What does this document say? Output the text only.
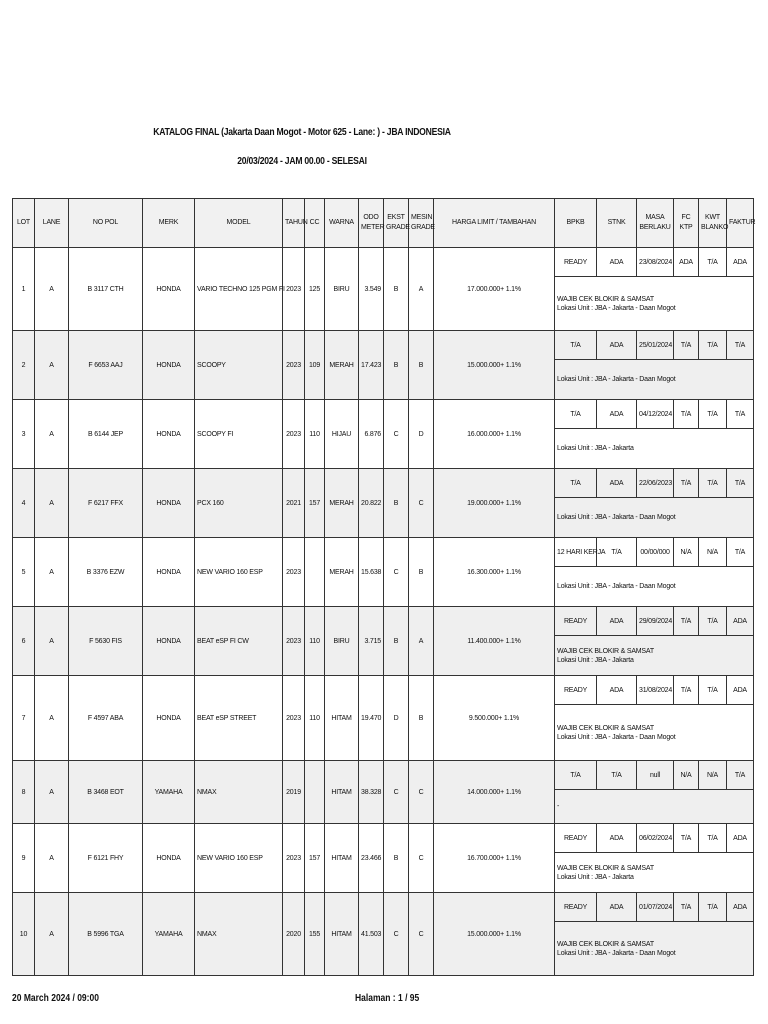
KATALOG FINAL (Jakarta Daan Mogot - Motor 625 - Lane: ) - JBA INDONESIA
20/03/2024 - JAM 00.00 - SELESAI
LOT	LANE	NO POL	MERK	MODEL	TAHUN	CC	WARNA	ODO METER	EKST GRADE	MESIN GRADE	HARGA LIMIT / TAMBAHAN	BPKB	STNK	MASA BERLAKU	FC KTP	KWT BLANKO	FAKTUR
1	A	B 3117 CTH	HONDA	VARIO TECHNO 125 PGM FI	2023	125	BIRU	3.549	B	A	17.000.000+ 1.1%	READY	ADA	23/08/2024	ADA	T/A	ADA

												WAJIB CEK BLOKIR & SAMSAT
Lokasi Unit : JBA - Jakarta - Daan Mogot					

2	A	F 6653 AAJ	HONDA	SCOOPY	2023	109	MERAH	17.423	B	B	15.000.000+ 1.1%	T/A	ADA	25/01/2024	T/A	T/A	T/A

												Lokasi Unit : JBA - Jakarta - Daan Mogot					

3	A	B 6144 JEP	HONDA	SCOOPY FI	2023	110	HIJAU	6.876	C	D	16.000.000+ 1.1%	T/A	ADA	04/12/2024	T/A	T/A	T/A

												Lokasi Unit : JBA - Jakarta					

4	A	F 6217 FFX	HONDA	PCX 160	2021	157	MERAH	20.822	B	C	19.000.000+ 1.1%	T/A	ADA	22/06/2023	T/A	T/A	T/A

												Lokasi Unit : JBA - Jakarta - Daan Mogot					

5	A	B 3376 EZW	HONDA	NEW VARIO 160 ESP	2023		MERAH	15.638	C	B	16.300.000+ 1.1%	12 HARI KERJA	T/A	00/00/000	N/A	N/A	T/A

												Lokasi Unit : JBA - Jakarta - Daan Mogot					

6	A	F 5630 FIS	HONDA	BEAT eSP FI CW	2023	110	BIRU	3.715	B	A	11.400.000+ 1.1%	READY	ADA	29/09/2024	T/A	T/A	ADA

												WAJIB CEK BLOKIR & SAMSAT
Lokasi Unit : JBA - Jakarta					

7	A	F 4597 ABA	HONDA	BEAT eSP STREET	2023	110	HITAM	19.470	D	B	9.500.000+ 1.1%	READY	ADA	31/08/2024	T/A	T/A	ADA

												WAJIB CEK BLOKIR & SAMSAT
Lokasi Unit : JBA - Jakarta - Daan Mogot					

8	A	B 3468 EOT	YAMAHA	NMAX	2019		HITAM	38.328	C	C	14.000.000+ 1.1%	T/A	T/A	null	N/A	N/A	T/A

												-					

9	A	F 6121 FHY	HONDA	NEW VARIO 160 ESP	2023	157	HITAM	23.466	B	C	16.700.000+ 1.1%	READY	ADA	06/02/2024	T/A	T/A	ADA

												WAJIB CEK BLOKIR & SAMSAT
Lokasi Unit : JBA - Jakarta					

10	A	B 5996 TGA	YAMAHA	NMAX	2020	155	HITAM	41.503	C	C	15.000.000+ 1.1%	READY	ADA	01/07/2024	T/A	T/A	ADA

												WAJIB CEK BLOKIR & SAMSAT
Lokasi Unit : JBA - Jakarta - Daan Mogot					
20 March 2024 / 09:00	Halaman : 1 / 95
